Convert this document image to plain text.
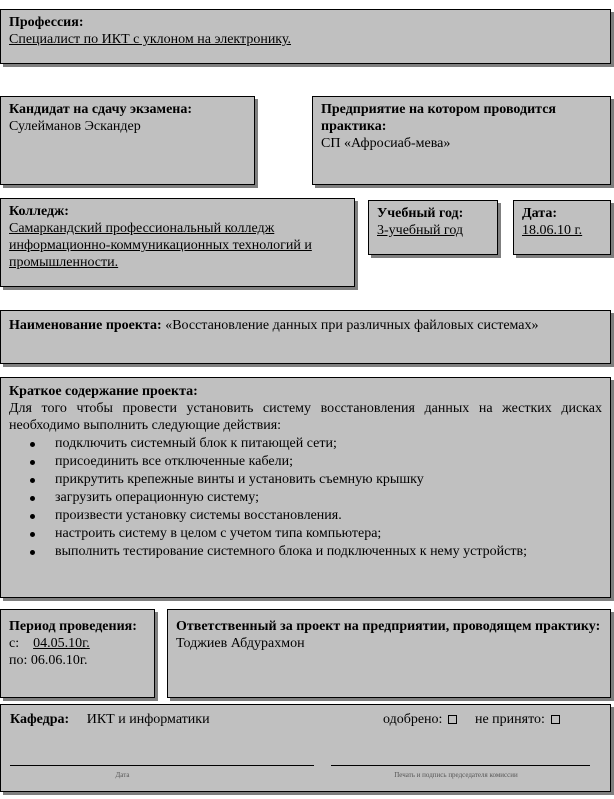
Профессия:
Специалист по ИКТ с уклоном на электронику.
Кандидат на сдачу экзамена:
Сулейманов Эскандер
Предприятие на котором проводится практика:
СП «Афросиаб-мева»
Колледж:
Самаркандский профессиональный колледж информационно-коммуникационных технологий и промышленности.
Учебный год:
3-учебный год
Дата:
18.06.10 г.
Наименование проекта: «Восстановление данных при различных файловых системах»
Краткое содержание проекта:
Для того чтобы провести установить систему восстановления данных на жестких дисках необходимо выполнить следующие действия:
подключить системный блок к питающей сети;
присоединить все отключенные кабели;
прикрутить крепежные винты и установить съемную крышку
загрузить операционную систему;
произвести установку системы восстановления.
настроить систему в целом с учетом типа компьютера;
выполнить тестирование системного блока и подключенных к нему устройств;
Период проведения:
с: 04.05.10г.
по: 06.06.10г.
Ответственный за проект на предприятии, проводящем практику:
Тоджиев Абдурахмон
Кафедра: ИКТ и информатики	одобрено: не принято:
Дата	Печать и подпись председателя комиссии
